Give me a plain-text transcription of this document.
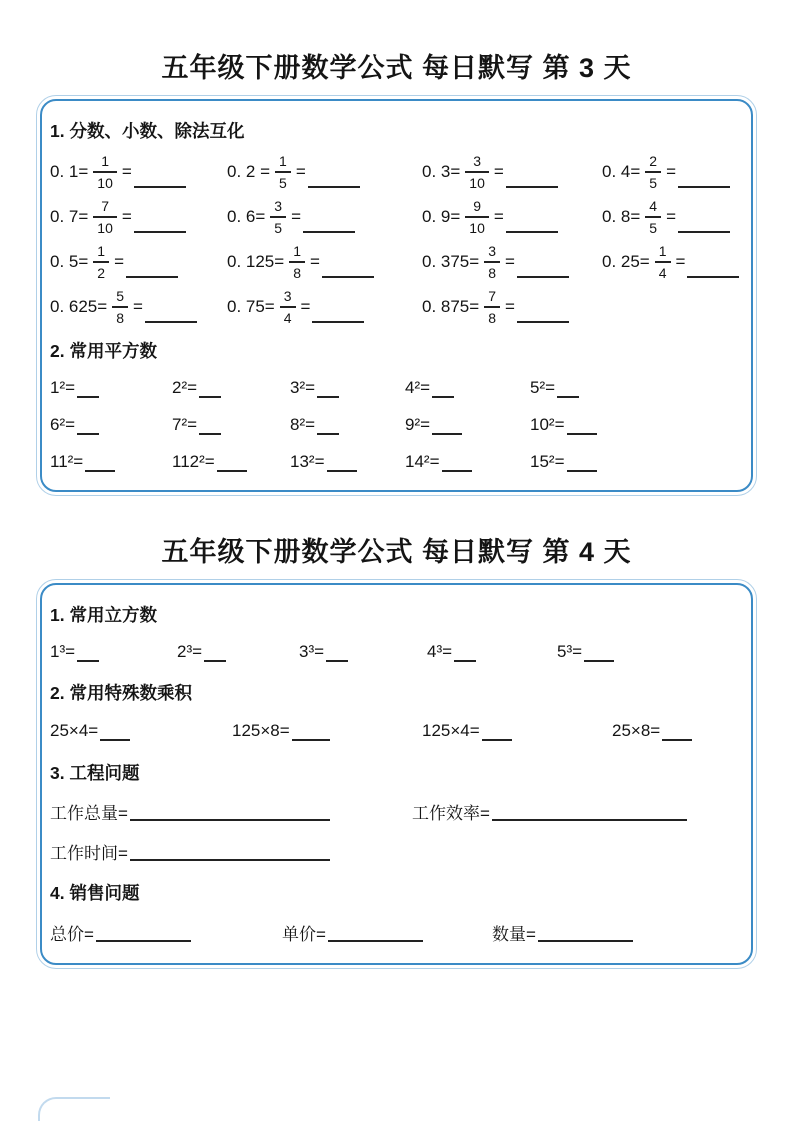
五年级下册数学公式 每日默写 第 3 天
1. 分数、小数、除法互化
0. $1= \frac{1}{10}$ =	0. $2 = \frac{1}{5}$ =	0. $3= \frac{3}{10}$ =	0. $4= \frac{2}{5}$ =
0. $7= \frac{7}{10}$ =	0. $6= \frac{3}{5}$ =	0. $9= \frac{9}{10}$ =	0. $8= \frac{4}{5}$ =
0. $5= \frac{1}{2}$ =	0. $125= \frac{1}{8}$ =	0. $375= \frac{3}{8}$ =	0. $25= \frac{1}{4}$ =
0. $625= \frac{5}{8}$ =	0. $75= \frac{3}{4}$ =	0. $875= \frac{7}{8}$ =
2. 常用平方数
1²=	2²=	3²=	4²=	5²=
6²=	7²=	8²=	9²=	10²=
11²=	112²=	13²=	14²=	15²=
五年级下册数学公式 每日默写 第 4 天
1. 常用立方数
1³=	2³=	3³=	4³=	5³=
2. 常用特殊数乘积
25×4=	125×8=	125×4=	25×8=
3. 工程问题
工作总量=	工作效率=
工作时间=
4. 销售问题
总价=	单价=	数量=
